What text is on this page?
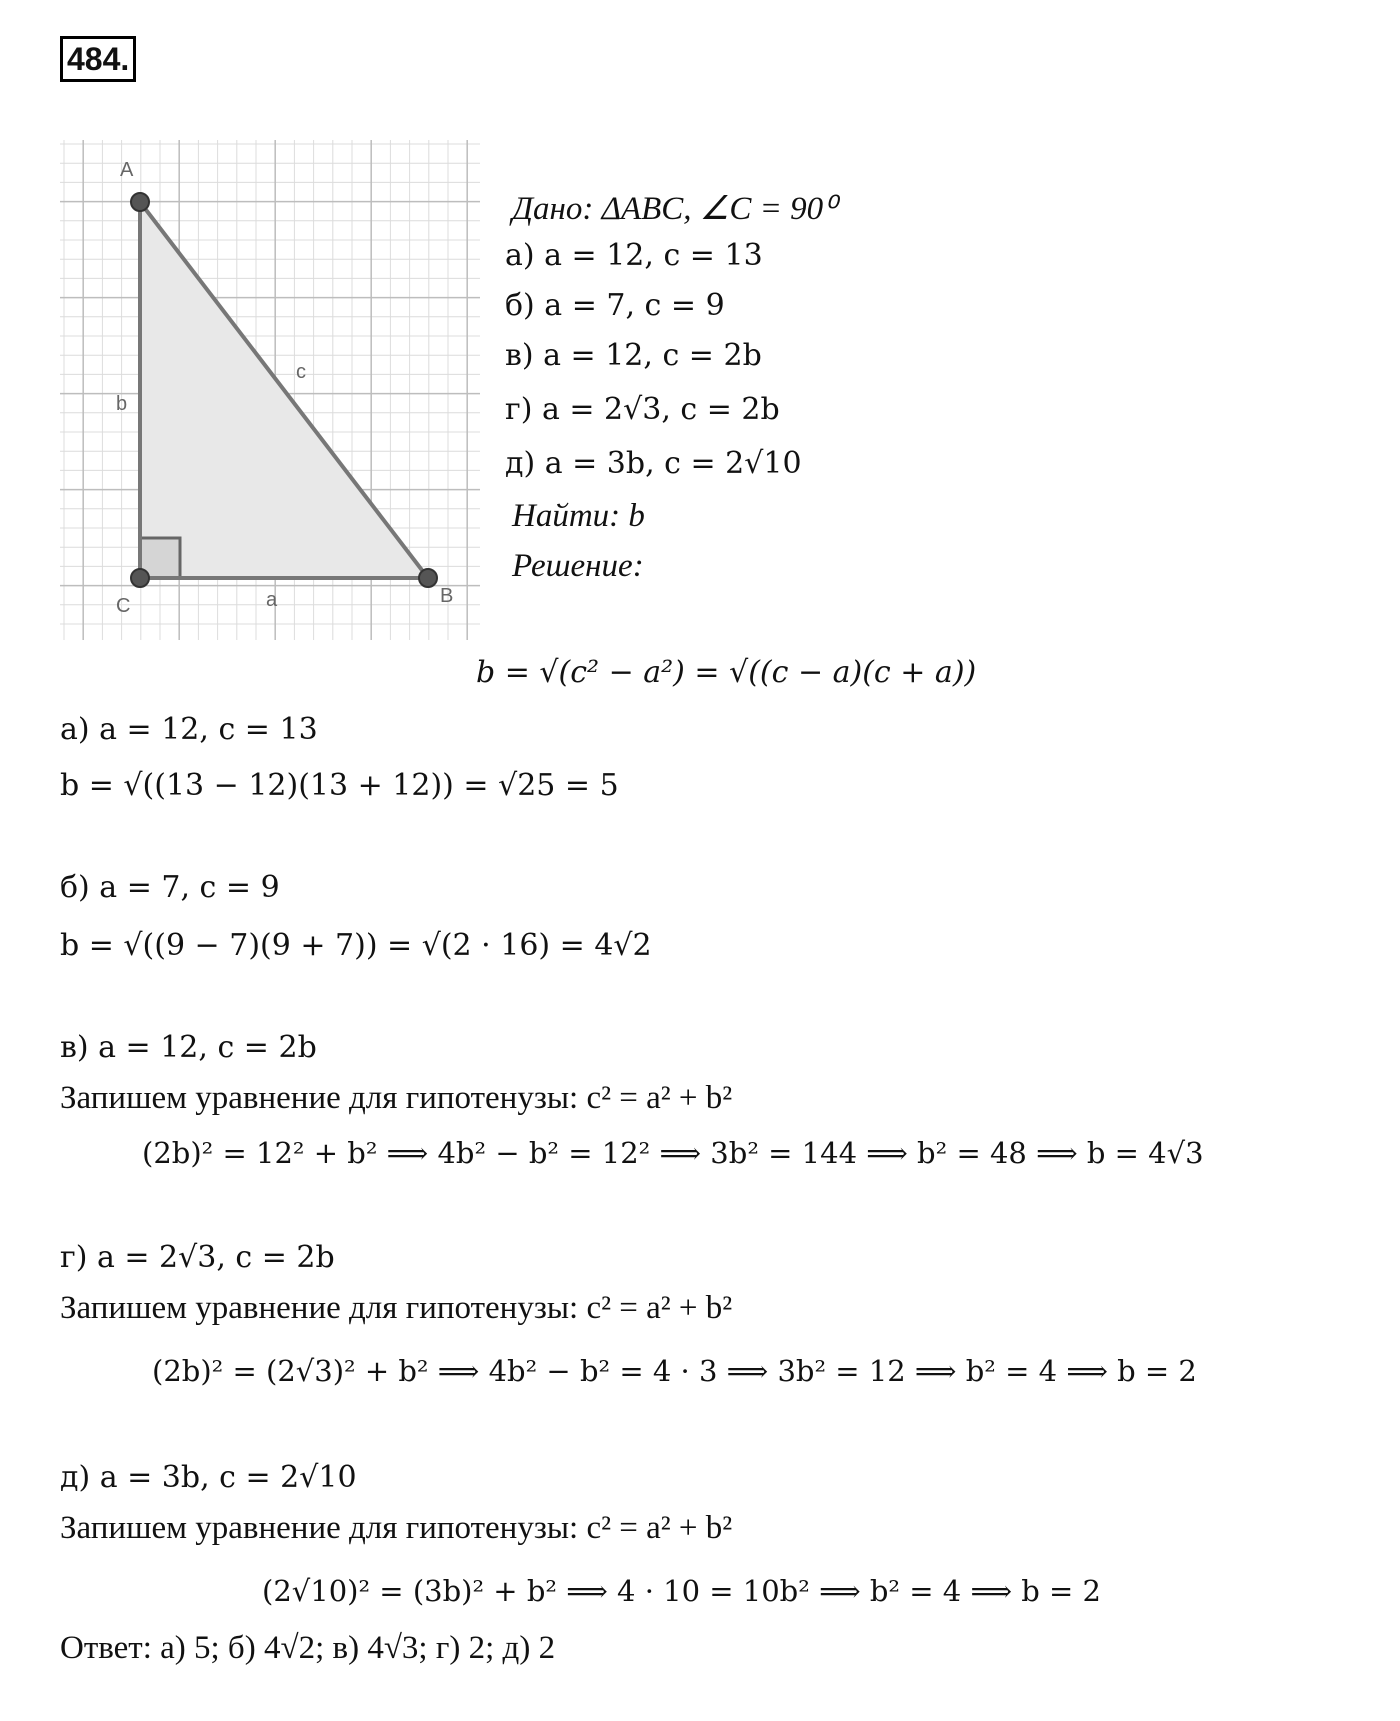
484.
A
C	B
b
a
c
Дано: ΔABC, ∠C = 90⁰
а) a = 12, c = 13
б) a = 7, c = 9
в) a = 12, c = 2b
г) a = 2√3, c = 2b
д) a = 3b, c = 2√10
Найти: b
Решение:
b = √(c² − a²) = √((c − a)(c + a))
а) a = 12, c = 13
b = √((13 − 12)(13 + 12)) = √25 = 5
б) a = 7, c = 9
b = √((9 − 7)(9 + 7)) = √(2 · 16) = 4√2
в) a = 12, c = 2b
Запишем уравнение для гипотенузы: c² = a² + b²
(2b)² = 12² + b² ⟹ 4b² − b² = 12² ⟹ 3b² = 144 ⟹ b² = 48 ⟹ b = 4√3
г) a = 2√3, c = 2b
Запишем уравнение для гипотенузы: c² = a² + b²
(2b)² = (2√3)² + b² ⟹ 4b² − b² = 4 · 3 ⟹ 3b² = 12 ⟹ b² = 4 ⟹ b = 2
д) a = 3b, c = 2√10
Запишем уравнение для гипотенузы: c² = a² + b²
(2√10)² = (3b)² + b² ⟹ 4 · 10 = 10b² ⟹ b² = 4 ⟹ b = 2
Ответ: а) 5; б) 4√2; в) 4√3; г) 2; д) 2
